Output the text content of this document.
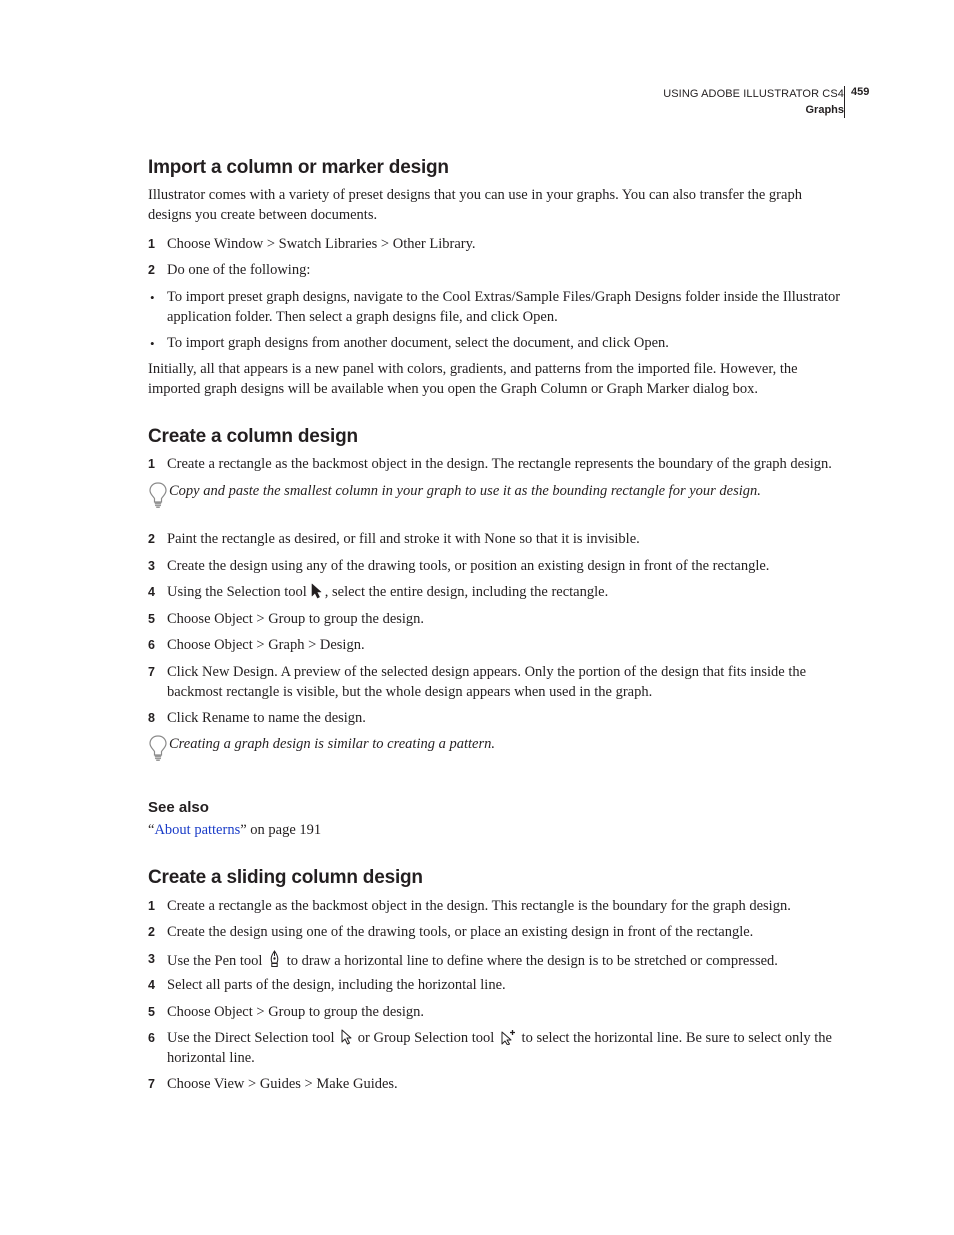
USING ADOBE ILLUSTRATOR CS4
Graphs
459
Import a column or marker design
Illustrator comes with a variety of preset designs that you can use in your graphs. You can also transfer the graph designs you create between documents.
1 Choose Window > Swatch Libraries > Other Library.
2 Do one of the following:
• To import preset graph designs, navigate to the Cool Extras/Sample Files/Graph Designs folder inside the Illustrator application folder. Then select a graph designs file, and click Open.
• To import graph designs from another document, select the document, and click Open.
Initially, all that appears is a new panel with colors, gradients, and patterns from the imported file. However, the imported graph designs will be available when you open the Graph Column or Graph Marker dialog box.
Create a column design
1 Create a rectangle as the backmost object in the design. The rectangle represents the boundary of the graph design.
Copy and paste the smallest column in your graph to use it as the bounding rectangle for your design.
2 Paint the rectangle as desired, or fill and stroke it with None so that it is invisible.
3 Create the design using any of the drawing tools, or position an existing design in front of the rectangle.
4 Using the Selection tool , select the entire design, including the rectangle.
5 Choose Object > Group to group the design.
6 Choose Object > Graph > Design.
7 Click New Design. A preview of the selected design appears. Only the portion of the design that fits inside the backmost rectangle is visible, but the whole design appears when used in the graph.
8 Click Rename to name the design.
Creating a graph design is similar to creating a pattern.
See also
“About patterns” on page 191
Create a sliding column design
1 Create a rectangle as the backmost object in the design. This rectangle is the boundary for the graph design.
2 Create the design using one of the drawing tools, or place an existing design in front of the rectangle.
3 Use the Pen tool to draw a horizontal line to define where the design is to be stretched or compressed.
4 Select all parts of the design, including the horizontal line.
5 Choose Object > Group to group the design.
6 Use the Direct Selection tool or Group Selection tool to select the horizontal line. Be sure to select only the horizontal line.
7 Choose View > Guides > Make Guides.
